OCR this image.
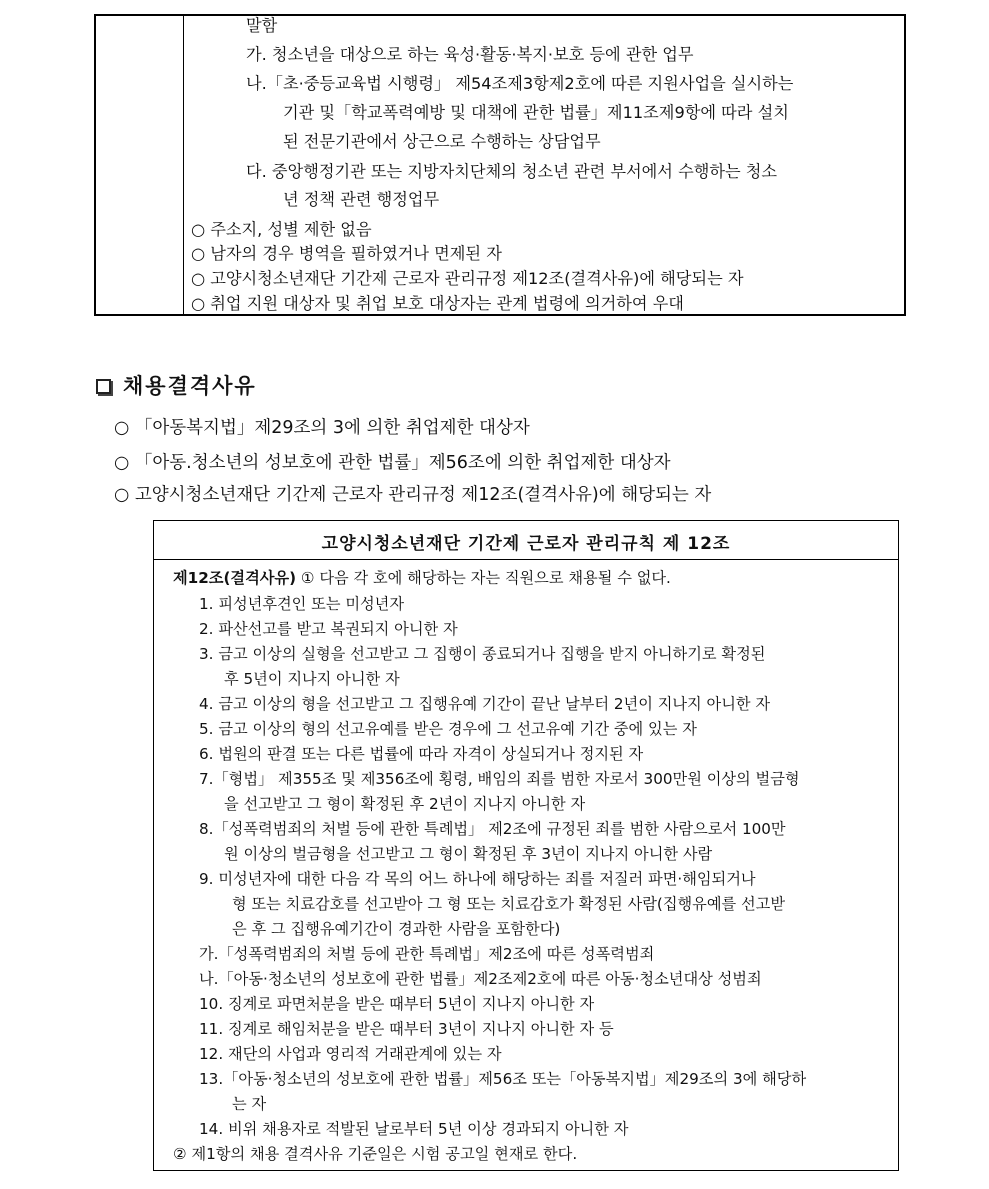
말함
가. 청소년을 대상으로 하는 육성·활동·복지·보호 등에 관한 업무
나.「초·중등교육법 시행령」 제54조제3항제2호에 따른 지원사업을 실시하는
기관 및「학교폭력예방 및 대책에 관한 법률」제11조제9항에 따라 설치
된 전문기관에서 상근으로 수행하는 상담업무
다. 중앙행정기관 또는 지방자치단체의 청소년 관련 부서에서 수행하는 청소
년 정책 관련 행정업무
○ 주소지, 성별 제한 없음
○ 남자의 경우 병역을 필하였거나 면제된 자
○ 고양시청소년재단 기간제 근로자 관리규정 제12조(결격사유)에 해당되는 자
○ 취업 지원 대상자 및 취업 보호 대상자는 관계 법령에 의거하여 우대
채용결격사유
○ 「아동복지법」제29조의 3에 의한 취업제한 대상자
○ 「아동.청소년의 성보호에 관한 법률」제56조에 의한 취업제한 대상자
○ 고양시청소년재단 기간제 근로자 관리규정 제12조(결격사유)에 해당되는 자
고양시청소년재단 기간제 근로자 관리규칙 제 12조
제12조(결격사유) ① 다음 각 호에 해당하는 자는 직원으로 채용될 수 없다.
1. 피성년후견인 또는 미성년자
2. 파산선고를 받고 복권되지 아니한 자
3. 금고 이상의 실형을 선고받고 그 집행이 종료되거나 집행을 받지 아니하기로 확정된
후 5년이 지나지 아니한 자
4. 금고 이상의 형을 선고받고 그 집행유예 기간이 끝난 날부터 2년이 지나지 아니한 자
5. 금고 이상의 형의 선고유예를 받은 경우에 그 선고유예 기간 중에 있는 자
6. 법원의 판결 또는 다른 법률에 따라 자격이 상실되거나 정지된 자
7.「형법」 제355조 및 제356조에 횡령, 배임의 죄를 범한 자로서 300만원 이상의 벌금형
을 선고받고 그 형이 확정된 후 2년이 지나지 아니한 자
8.「성폭력범죄의 처벌 등에 관한 특례법」 제2조에 규정된 죄를 범한 사람으로서 100만
원 이상의 벌금형을 선고받고 그 형이 확정된 후 3년이 지나지 아니한 사람
9. 미성년자에 대한 다음 각 목의 어느 하나에 해당하는 죄를 저질러 파면·해임되거나
형 또는 치료감호를 선고받아 그 형 또는 치료감호가 확정된 사람(집행유예를 선고받
은 후 그 집행유예기간이 경과한 사람을 포함한다)
가.「성폭력범죄의 처벌 등에 관한 특례법」제2조에 따른 성폭력범죄
나.「아동·청소년의 성보호에 관한 법률」제2조제2호에 따른 아동·청소년대상 성범죄
10. 징계로 파면처분을 받은 때부터 5년이 지나지 아니한 자
11. 징계로 해임처분을 받은 때부터 3년이 지나지 아니한 자 등
12. 재단의 사업과 영리적 거래관계에 있는 자
13.「아동·청소년의 성보호에 관한 법률」제56조 또는「아동복지법」제29조의 3에 해당하
는 자
14. 비위 채용자로 적발된 날로부터 5년 이상 경과되지 아니한 자
② 제1항의 채용 결격사유 기준일은 시험 공고일 현재로 한다.
